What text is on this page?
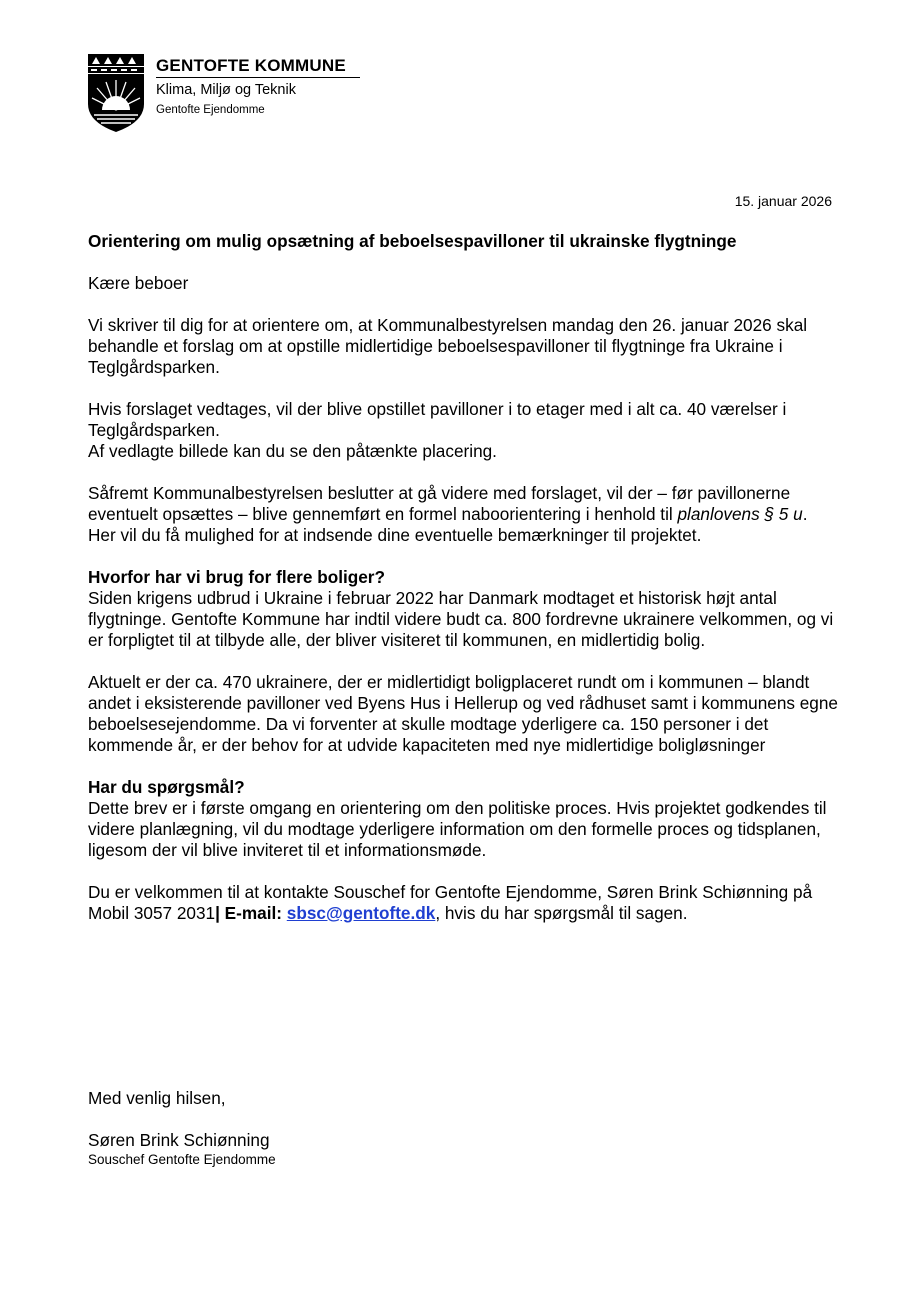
GENTOFTE KOMMUNE
Klima, Miljø og Teknik
Gentofte Ejendomme
15. januar 2026

Orientering om mulig opsætning af beboelsespavilloner til ukrainske flygtninge

Kære beboer

Vi skriver til dig for at orientere om, at Kommunalbestyrelsen mandag den 26. januar 2026 skal behandle et forslag om at opstille midlertidige beboelsespavilloner til flygtninge fra Ukraine i Teglgårdsparken.

Hvis forslaget vedtages, vil der blive opstillet pavilloner i to etager med i alt ca. 40 værelser i Teglgårdsparken.

Af vedlagte billede kan du se den påtænkte placering.

Såfremt Kommunalbestyrelsen beslutter at gå videre med forslaget, vil der – før pavillonerne eventuelt opsættes – blive gennemført en formel naboorientering i henhold til planlovens § 5 u. Her vil du få mulighed for at indsende dine eventuelle bemærkninger til projektet.

Hvorfor har vi brug for flere boliger?

Siden krigens udbrud i Ukraine i februar 2022 har Danmark modtaget et historisk højt antal flygtninge. Gentofte Kommune har indtil videre budt ca. 800 fordrevne ukrainere velkommen, og vi er forpligtet til at tilbyde alle, der bliver visiteret til kommunen, en midlertidig bolig.

Aktuelt er der ca. 470 ukrainere, der er midlertidigt boligplaceret rundt om i kommunen – blandt andet i eksisterende pavilloner ved Byens Hus i Hellerup og ved rådhuset samt i kommunens egne beboelsesejendomme. Da vi forventer at skulle modtage yderligere ca. 150 personer i det kommende år, er der behov for at udvide kapaciteten med nye midlertidige boligløsninger

Har du spørgsmål?

Dette brev er i første omgang en orientering om den politiske proces. Hvis projektet godkendes til videre planlægning, vil du modtage yderligere information om den formelle proces og tidsplanen, ligesom der vil blive inviteret til et informationsmøde.

Du er velkommen til at kontakte Souschef for Gentofte Ejendomme, Søren Brink Schiønning på Mobil 3057 2031| E-mail: sbsc@gentofte.dk, hvis du har spørgsmål til sagen.

Med venlig hilsen,
Søren Brink Schiønning
Souschef Gentofte Ejendomme
